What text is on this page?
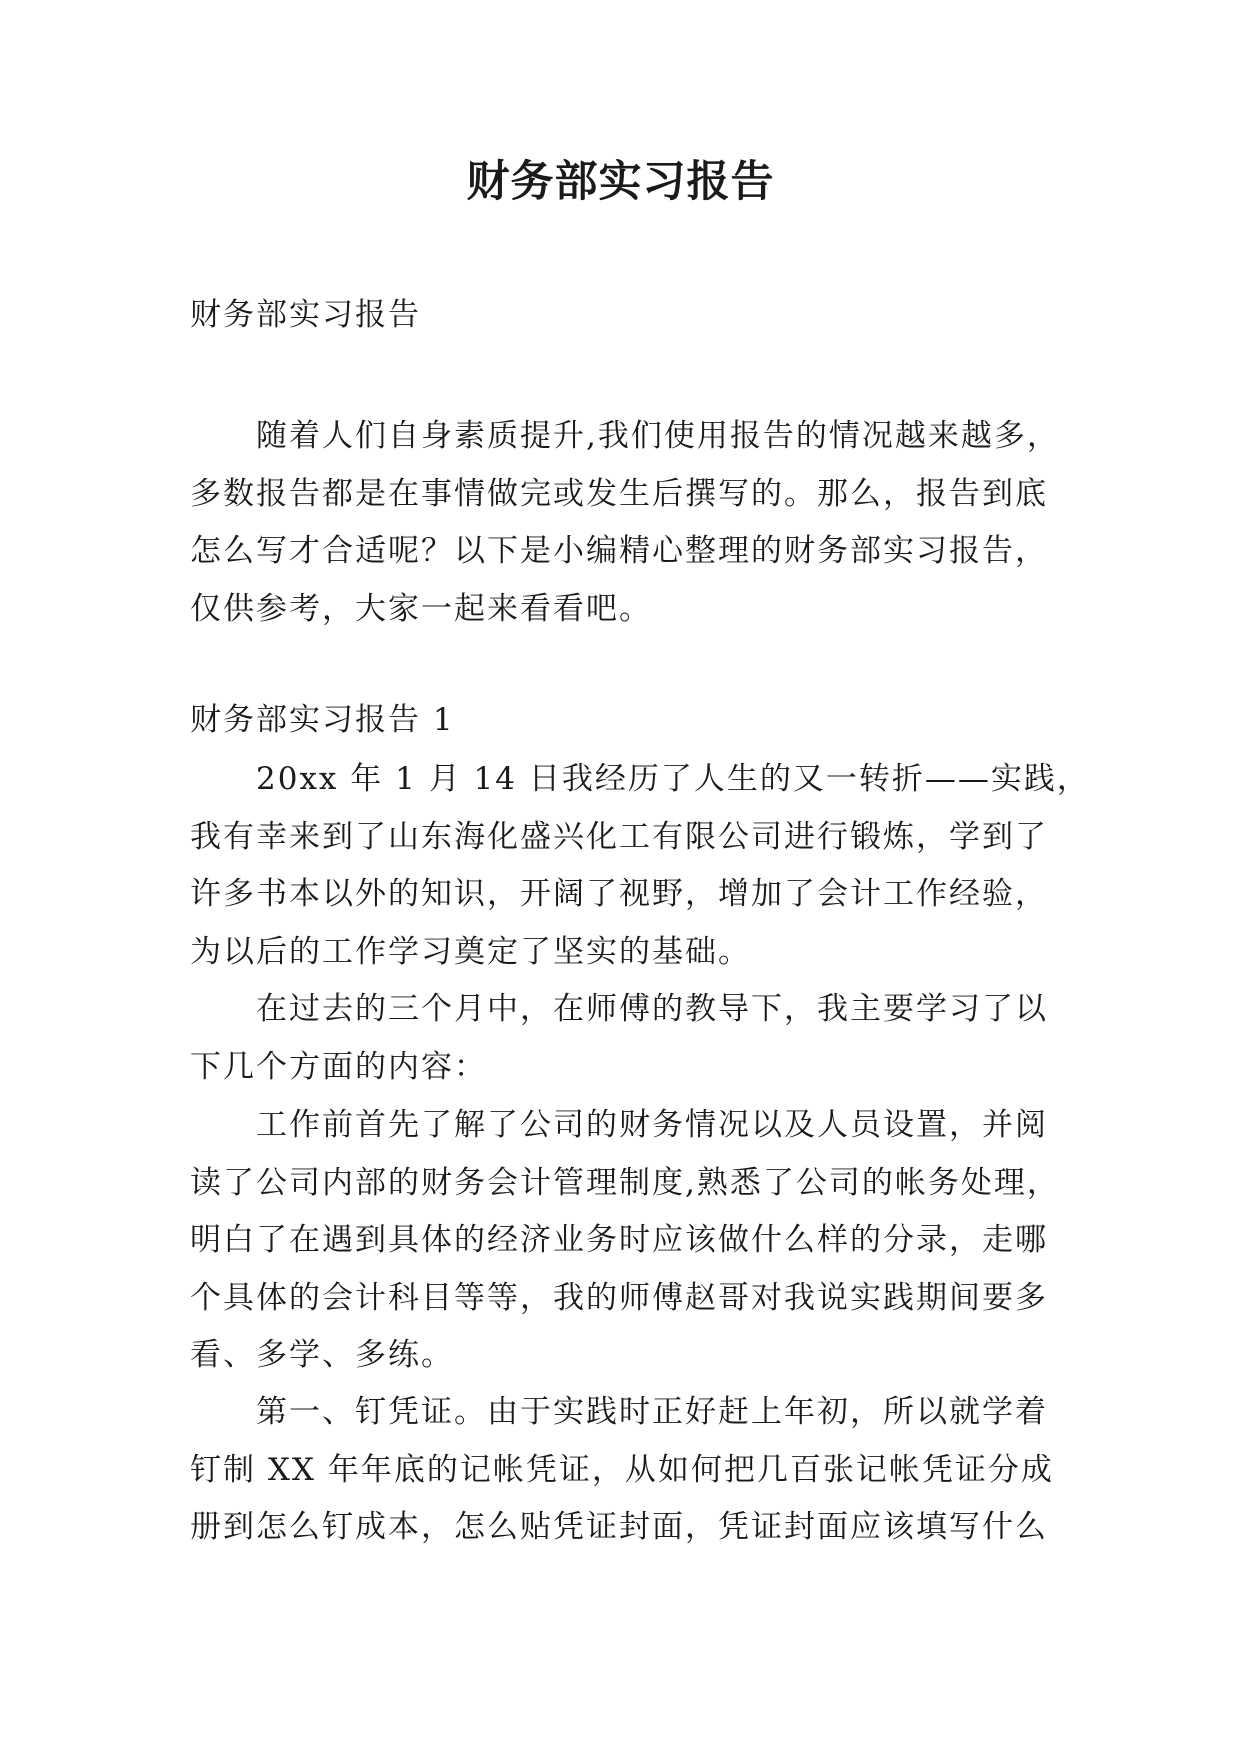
财务部实习报告

财务部实习报告

随着人们自身素质提升,我们使用报告的情况越来越多，
多数报告都是在事情做完或发生后撰写的。那么，报告到底
怎么写才合适呢？以下是小编精心整理的财务部实习报告，
仅供参考，大家一起来看看吧。

财务部实习报告 1

20xx 年 1 月 14 日我经历了人生的又一转折——实践，
我有幸来到了山东海化盛兴化工有限公司进行锻炼，学到了
许多书本以外的知识，开阔了视野，增加了会计工作经验，
为以后的工作学习奠定了坚实的基础。

在过去的三个月中，在师傅的教导下，我主要学习了以
下几个方面的内容：

工作前首先了解了公司的财务情况以及人员设置，并阅
读了公司内部的财务会计管理制度,熟悉了公司的帐务处理，
明白了在遇到具体的经济业务时应该做什么样的分录，走哪
个具体的会计科目等等，我的师傅赵哥对我说实践期间要多
看、多学、多练。

第一、钉凭证。由于实践时正好赶上年初，所以就学着
钉制 XX 年年底的记帐凭证，从如何把几百张记帐凭证分成
册到怎么钉成本，怎么贴凭证封面，凭证封面应该填写什么
